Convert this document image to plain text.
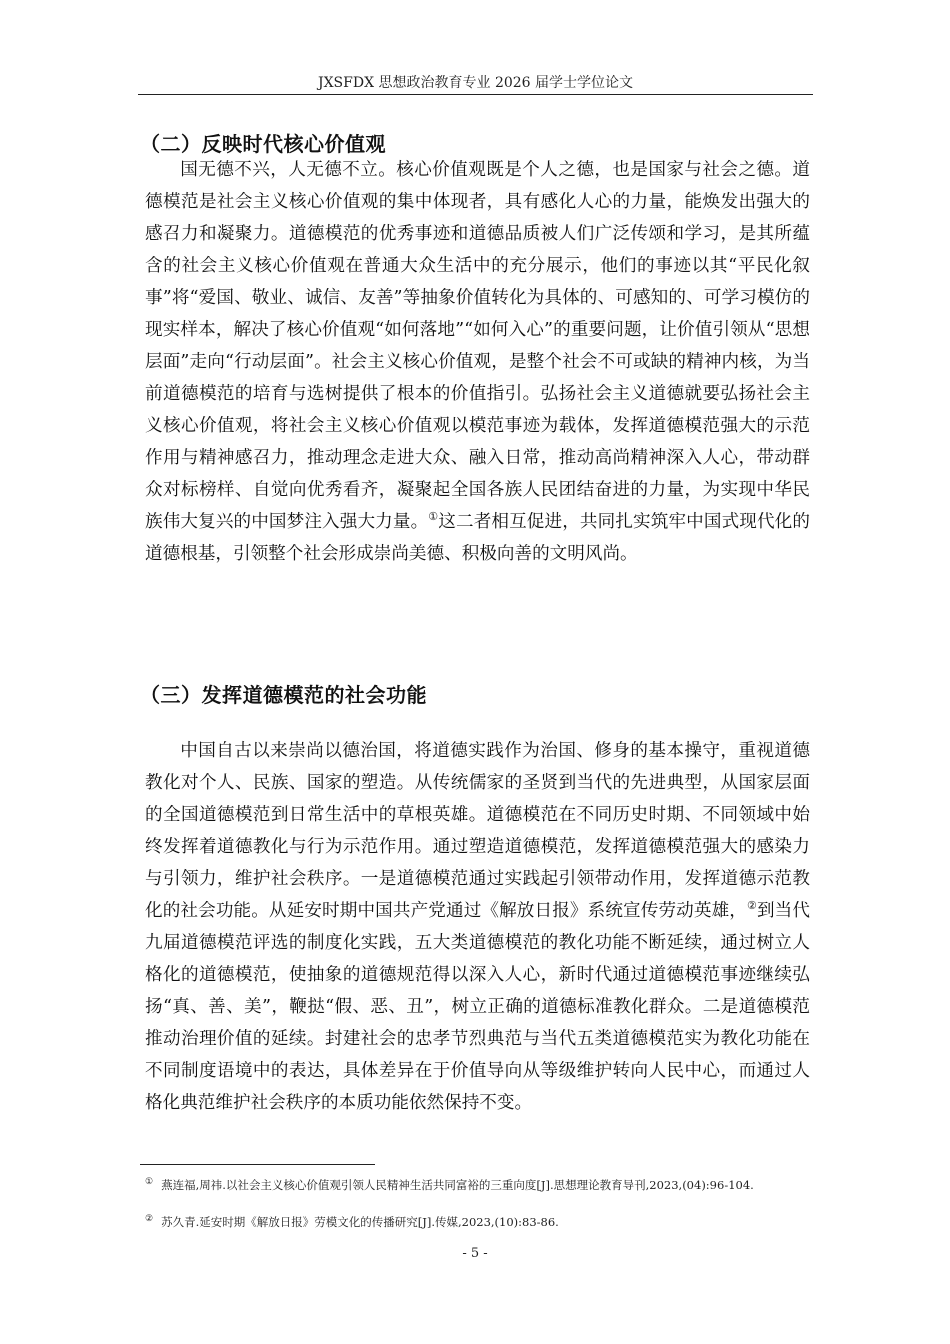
JXSFDX 思想政治教育专业 2026 届学士学位论文
（二）反映时代核心价值观

国无德不兴，人无德不立。核心价值观既是个人之德，也是国家与社会之德。道德模范是社会主义核心价值观的集中体现者，具有感化人心的力量，能焕发出强大的感召力和凝聚力。道德模范的优秀事迹和道德品质被人们广泛传颂和学习，是其所蕴含的社会主义核心价值观在普通大众生活中的充分展示，他们的事迹以其“平民化叙事”将“爱国、敬业、诚信、友善”等抽象价值转化为具体的、可感知的、可学习模仿的现实样本，解决了核心价值观“如何落地”“如何入心”的重要问题，让价值引领从“思想层面”走向“行动层面”。社会主义核心价值观，是整个社会不可或缺的精神内核，为当前道德模范的培育与选树提供了根本的价值指引。弘扬社会主义道德就要弘扬社会主义核心价值观，将社会主义核心价值观以模范事迹为载体，发挥道德模范强大的示范作用与精神感召力，推动理念走进大众、融入日常，推动高尚精神深入人心，带动群众对标榜样、自觉向优秀看齐，凝聚起全国各族人民团结奋进的力量，为实现中华民族伟大复兴的中国梦注入强大力量。①这二者相互促进，共同扎实筑牢中国式现代化的道德根基，引领整个社会形成崇尚美德、积极向善的文明风尚。

（三）发挥道德模范的社会功能

中国自古以来崇尚以德治国，将道德实践作为治国、修身的基本操守，重视道德教化对个人、民族、国家的塑造。从传统儒家的圣贤到当代的先进典型，从国家层面的全国道德模范到日常生活中的草根英雄。道德模范在不同历史时期、不同领域中始终发挥着道德教化与行为示范作用。通过塑造道德模范，发挥道德模范强大的感染力与引领力，维护社会秩序。一是道德模范通过实践起引领带动作用，发挥道德示范教化的社会功能。从延安时期中国共产党通过《解放日报》系统宣传劳动英雄，②到当代九届道德模范评选的制度化实践，五大类道德模范的教化功能不断延续，通过树立人格化的道德模范，使抽象的道德规范得以深入人心，新时代通过道德模范事迹继续弘扬“真、善、美”，鞭挞“假、恶、丑”，树立正确的道德标准教化群众。二是道德模范推动治理价值的延续。封建社会的忠孝节烈典范与当代五类道德模范实为教化功能在不同制度语境中的表达，具体差异在于价值导向从等级维护转向人民中心，而通过人格化典范维护社会秩序的本质功能依然保持不变。

① 燕连福,周祎.以社会主义核心价值观引领人民精神生活共同富裕的三重向度[J].思想理论教育导刊,2023,(04):96-104.
② 苏久青.延安时期《解放日报》劳模文化的传播研究[J].传媒,2023,(10):83-86.
- 5 -
